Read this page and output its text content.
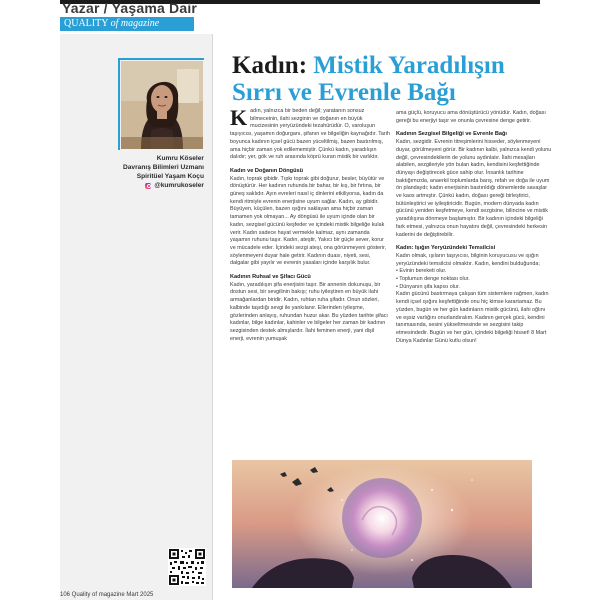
Yazar / Yaşama Dair
QUALITY of magazine
Kumru Köseler
Davranış Bilimleri Uzmanı
Spiritüel Yaşam Koçu
@kumrukoseler
Kadın: Mistik Yaradılışın Sırrı ve Evrenle Bağı

Kadın, yalnızca bir beden değil; yaratanın sonsuz bilmeceinin, ilahi sezginin ve doğanın en büyük mucizesinin yeryüzündeki tezahürüdür. O, varoluşun taşıyıcısı, yaşamın doğurganı, şifanın ve bilgeliğin kaynağıdır. Tarih boyunca kadının içsel gücü bazen yüceltilmiş, bazen bastırılmış, ama hiçbir zaman yok edilememiştir. Çünkü kadın, yaradılışın dalıdır; yer, gök ve ruh arasında köprü kuran mistik bir varlıktır.

Kadın ve Doğanın Döngüsü

Kadın, toprak gibidir. Tıpkı toprak gibi doğurur, besler, büyütür ve dönüştürür. Her kadının ruhunda bir bahar, bir kış, bir fırtına, bir güneş saklıdır. Ayın evreleri nasıl iç dinlerini etkiliyorsa, kadın da kendi ritmiyle evrenin enerjisine uyum sağlar. Kadın, ay gibidir. Büyüyen, küçülen, bazen ışığını saklayan ama hiçbir zaman tamamen yok olmayan... Ay döngüsü ile uyum içinde olan bir kadın, sezgisel gücünü keşfeder ve içindeki mistik bilgeliğe kulak verir. Kadın sadece hayat vermekle kalmaz, aynı zamanda yaşamın ruhunu taşır. Kadın, ateştir, Yakıcı bir güçle sever, korur ve mücadele eder. İçindeki sezgi ateşi, ona görünmeyeni gösterir, söylenmeyeni duyar hale getirir. Kadının duası, niyeti, sesi, dalgalar gibi yayılır ve evrenin yasaları içinde karşılık bulur.

Kadının Ruhsal ve Şifacı Gücü

Kadın, yaradılışın şifa enerjisini taşır. Bir annenin dokunuşu, bir dostun sesi, bir sevgilinin bakışı; ruhu iyileştiren en büyük ilahi armağanlardan biridir. Kadın, ruhtan ruha şifadır. Onun sözleri, kalbinde taşıdığı sevgi ile yankılanır. Ellerinden iyileşme, gözlerinden anlayış, ruhundan huzur akar. Bu yüzden tarihte şifacı kadınlar, bilge kadınlar, kahinler ve bilgeler her zaman bir kadının sezgisinden destek almışlardır. İlahi feminen enerji, yani dişil enerji, evrenin yumuşak

ama güçlü, koruyucu ama dönüştürücü yönüdür. Kadın, doğası gereği bu enerjiyi taşır ve onunla çevresine denge getirir.

Kadının Sezgisel Bilgeliği ve Evrenle Bağı

Kadın, sezgidir. Evrenin titreşimlerini hisseder, söylenmeyeni duyar, görülmeyeni görür. Bir kadının kalbi, yalnızca kendi yolunu değil, çevresindekilerin de yolunu aydınlatır. İlahi mesajları alabilen, sezgileriyle yön bulan kadın, kendisini keşfettiğinde dünyayı değiştirecek güce sahip olur. İnsanlık tarihine baktığımızda, anaerkil toplumlarda barış, refah ve doğa ile uyum ön plandaydı; kadın enerjisinin bastırıldığı dönemlerde savaşlar ve kaos artmıştır. Çünkü kadın, doğası gereği birleştirici, bütünleştirici ve iyileştiricidir. Bugün, modern dünyada kadın gücünü yeniden keşfetmeye, kendi sezgisine, bilincine ve mistik yaradılışına dönmeye başlamıştır. Bir kadının içindeki bilgeliği fark etmesi, yalnızca onun hayatını değil, çevresindeki herkesin kaderini de değiştirebilir.

Kadın: Işığın Yeryüzündeki Temsilcisi

Kadın olmak, ışıların taşıyıcısı, bilginin koruyucusu ve ışığın yeryüzündeki temsilcisi olmaktır. Kadın, kendini bulduğunda;

• Evinin bereketi olur.

• Toplumun denge noktası olur.

• Dünyanın şifa kapısı olur.

Kadın gücünü bastırmaya çalışan tüm sistemlere rağmen, kadın kendi içsel ışığını keşfettiğinde onu hiç kimse karartamaz. Bu yüzden, bugün ve her gün kadınların mistik gücünü, ilahi oğlını ve eşsiz varlığını onurlandıralım. Kadının gerçek gücü, kendini tanımasında, sesini yükseltmesinde ve sezgisini takip etmesindedir. Bugün ve her gün, içindeki bilgeliği hisset! 8 Mart Dünya Kadınlar Günü kutlu olsun!

106 Quality of magazine Mart 2025
